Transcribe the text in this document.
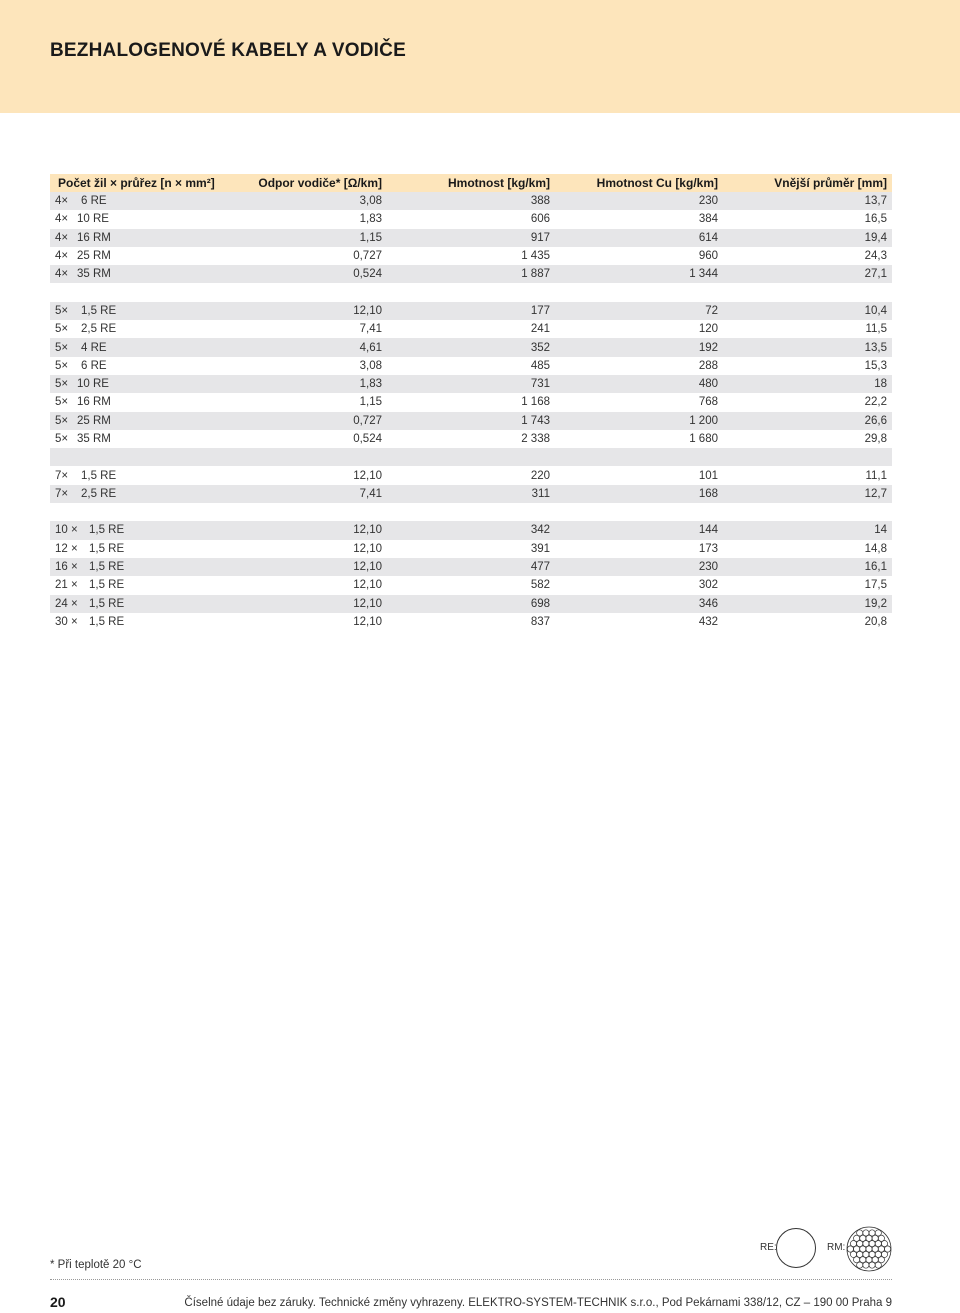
BEZHALOGENOVÉ KABELY A VODIČE
Počet žil × průřez [n × mm²]	Odpor vodiče* [Ω/km]	Hmotnost [kg/km]	Hmotnost Cu [kg/km]	Vnější průměr [mm]
4× 6 RE	3,08	388	230	13,7
4× 10 RE	1,83	606	384	16,5
4× 16 RM	1,15	917	614	19,4
4× 25 RM	0,727	1 435	960	24,3
4× 35 RM	0,524	1 887	1 344	27,1

5× 1,5 RE	12,10	177	72	10,4
5× 2,5 RE	7,41	241	120	11,5
5× 4 RE	4,61	352	192	13,5
5× 6 RE	3,08	485	288	15,3
5× 10 RE	1,83	731	480	18
5× 16 RM	1,15	1 168	768	22,2
5× 25 RM	0,727	1 743	1 200	26,6
5× 35 RM	0,524	2 338	1 680	29,8

7× 1,5 RE	12,10	220	101	11,1
7× 2,5 RE	7,41	311	168	12,7

10 × 1,5 RE	12,10	342	144	14
12 × 1,5 RE	12,10	391	173	14,8
16 × 1,5 RE	12,10	477	230	16,1
21 × 1,5 RE	12,10	582	302	17,5
24 × 1,5 RE	12,10	698	346	19,2
30 × 1,5 RE	12,10	837	432	20,8
* Při teplotě 20 °C
RE:	RM:
20	Číselné údaje bez záruky. Technické změny vyhrazeny. ELEKTRO-SYSTEM-TECHNIK s.r.o., Pod Pekárnami 338/12, CZ – 190 00 Praha 9
